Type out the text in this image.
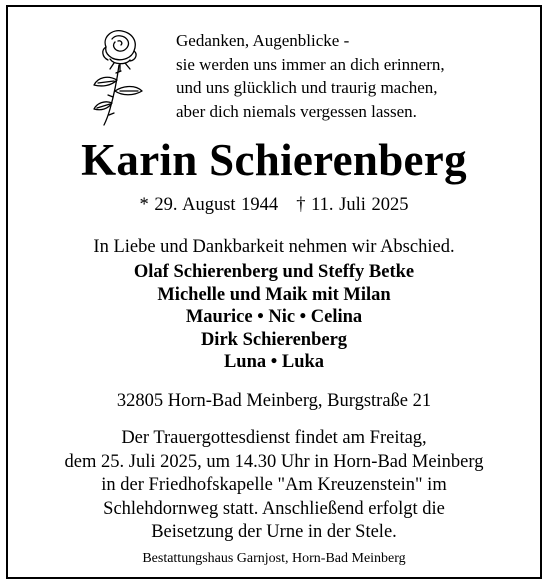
Gedanken, Augenblicke -
sie werden uns immer an dich erinnern,
und uns glücklich und traurig machen,
aber dich niemals vergessen lassen.
Karin Schierenberg
* 29. August 1944 † 11. Juli 2025
In Liebe und Dankbarkeit nehmen wir Abschied.
Olaf Schierenberg und Steffy Betke
Michelle und Maik mit Milan
Maurice • Nic • Celina
Dirk Schierenberg
Luna • Luka
32805 Horn-Bad Meinberg, Burgstraße 21
Der Trauergottesdienst findet am Freitag,
dem 25. Juli 2025, um 14.30 Uhr in Horn-Bad Meinberg
in der Friedhofskapelle "Am Kreuzenstein" im
Schlehdornweg statt. Anschließend erfolgt die
Beisetzung der Urne in der Stele.
Bestattungshaus Garnjost, Horn-Bad Meinberg
